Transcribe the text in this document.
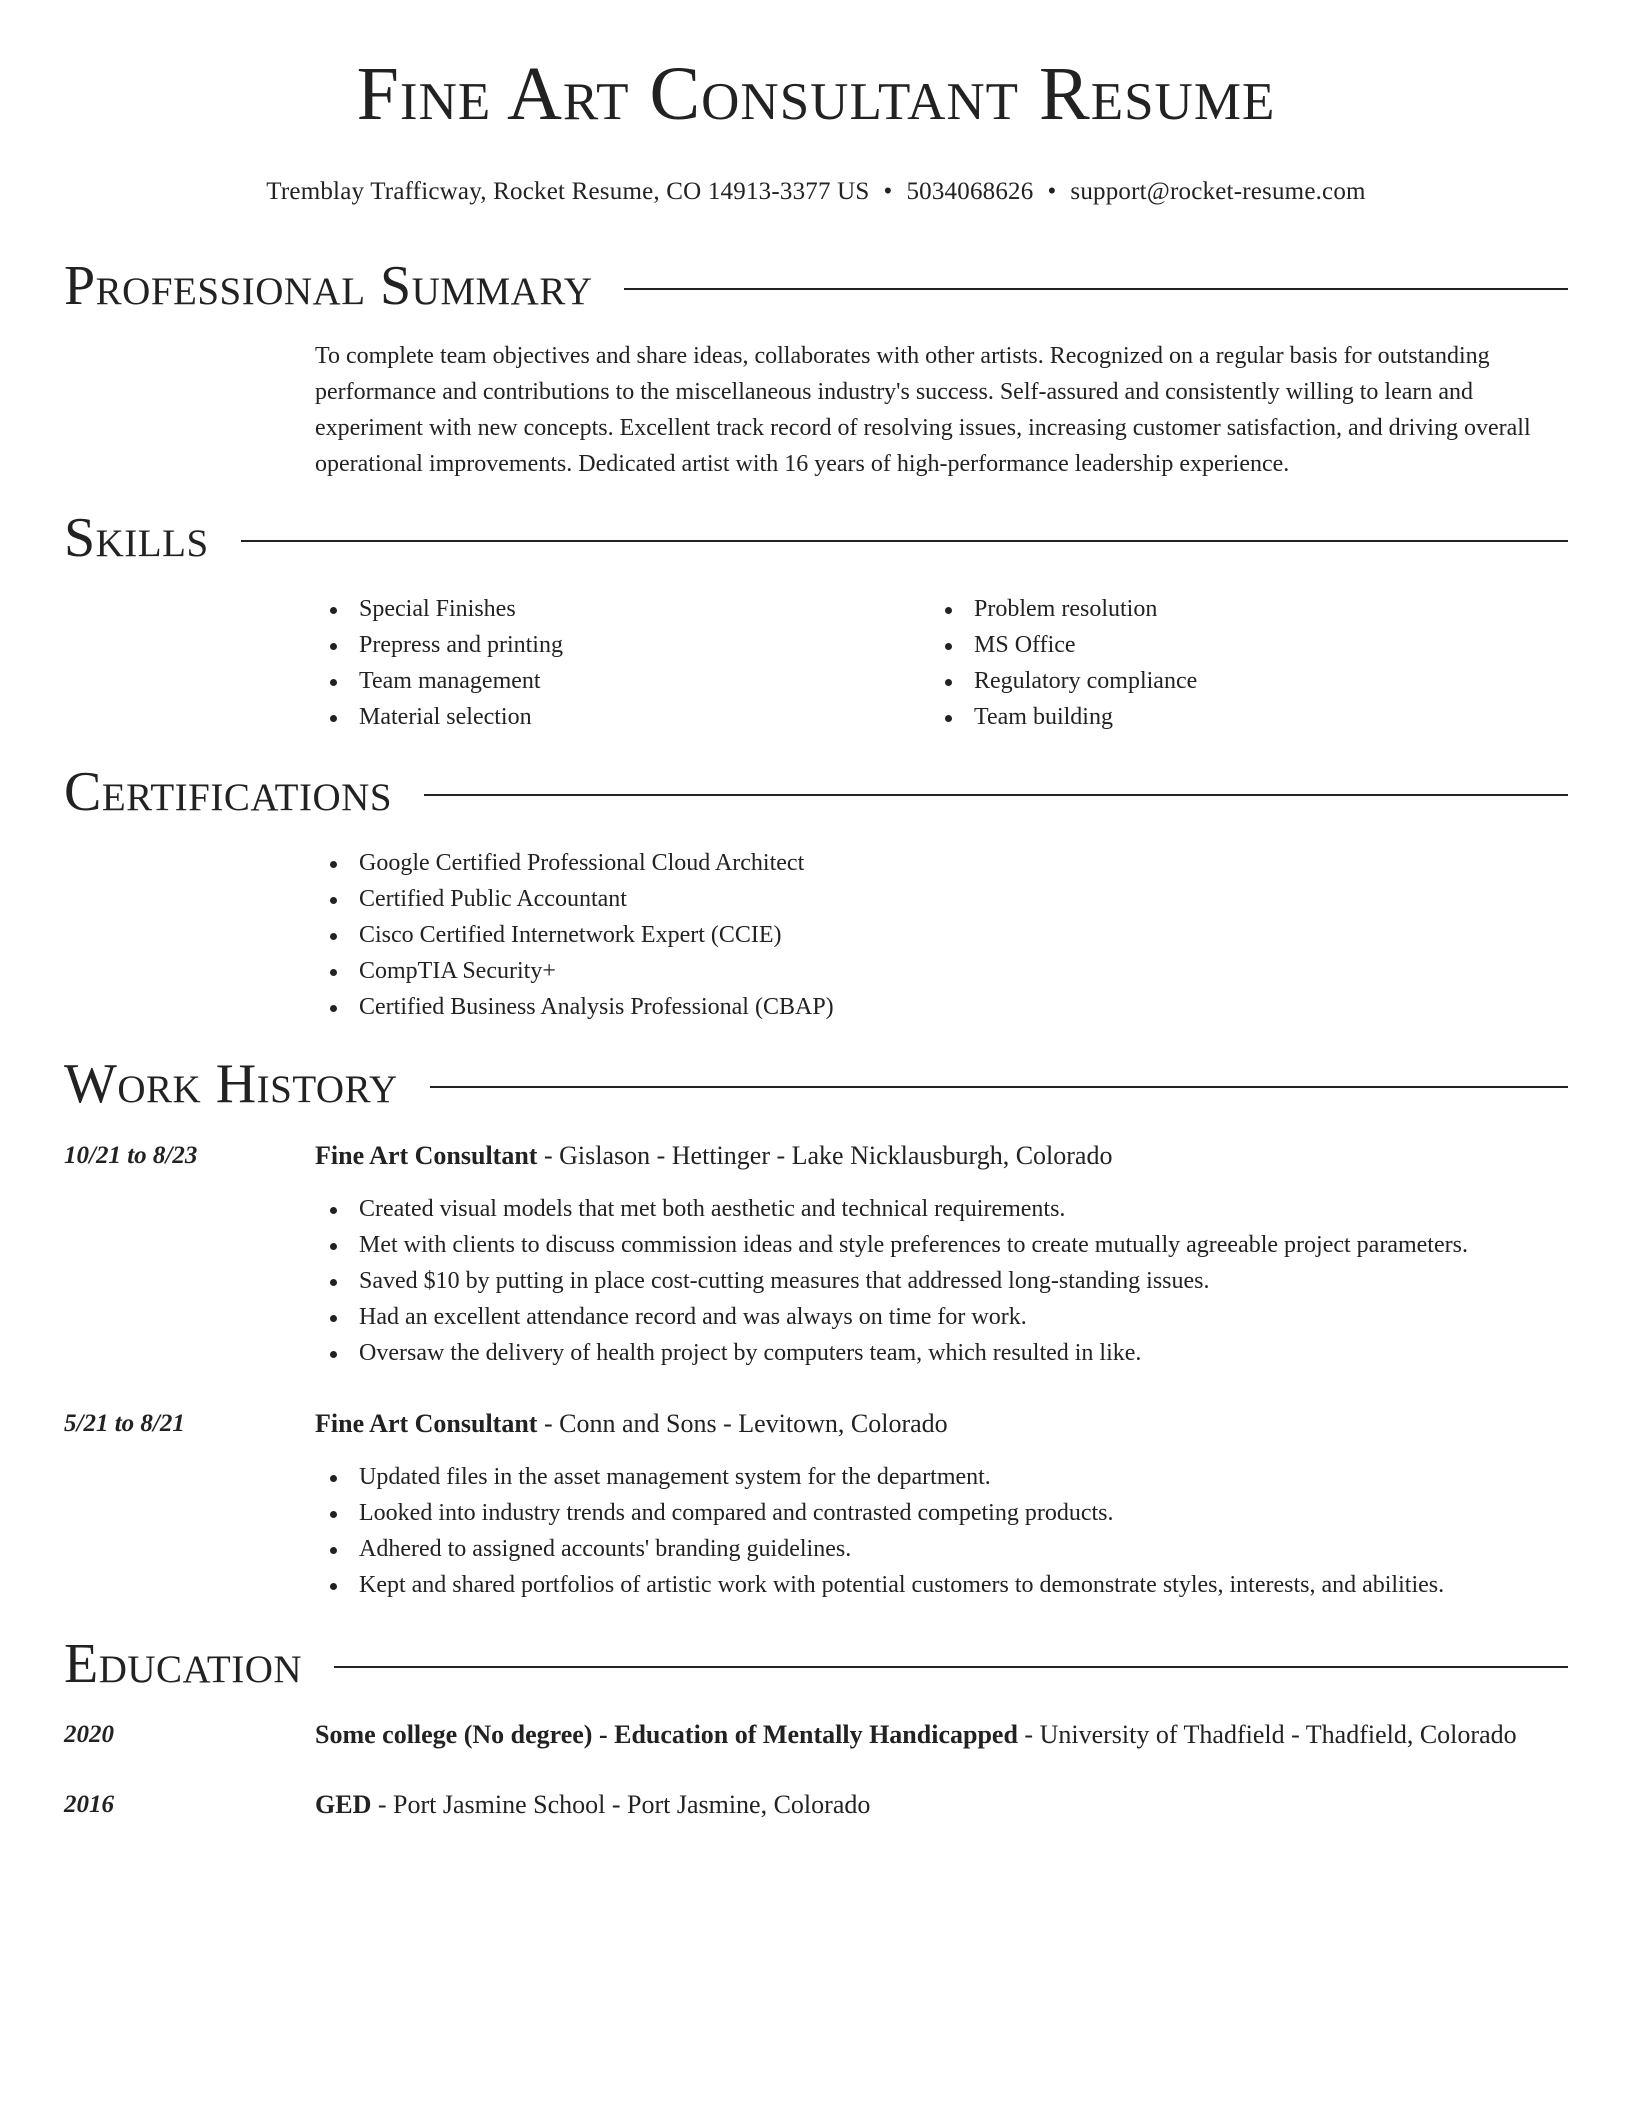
Fine Art Consultant Resume
Tremblay Trafficway, Rocket Resume, CO 14913-3377 US • 5034068626 • support@rocket-resume.com
Professional Summary

To complete team objectives and share ideas, collaborates with other artists. Recognized on a regular basis for outstanding performance and contributions to the miscellaneous industry's success. Self-assured and consistently willing to learn and experiment with new concepts. Excellent track record of resolving issues, increasing customer satisfaction, and driving overall operational improvements. Dedicated artist with 16 years of high-performance leadership experience.

Skills
Special Finishes
Prepress and printing
Team management
Material selection
Problem resolution
MS Office
Regulatory compliance
Team building
Certifications
Google Certified Professional Cloud Architect
Certified Public Accountant
Cisco Certified Internetwork Expert (CCIE)
CompTIA Security+
Certified Business Analysis Professional (CBAP)
Work History
10/21 to 8/23	Fine Art Consultant - Gislason - Hettinger - Lake Nicklausburgh, Colorado
Created visual models that met both aesthetic and technical requirements.
Met with clients to discuss commission ideas and style preferences to create mutually agreeable project parameters.
Saved $10 by putting in place cost-cutting measures that addressed long-standing issues.
Had an excellent attendance record and was always on time for work.
Oversaw the delivery of health project by computers team, which resulted in like.
5/21 to 8/21	Fine Art Consultant - Conn and Sons - Levitown, Colorado
Updated files in the asset management system for the department.
Looked into industry trends and compared and contrasted competing products.
Adhered to assigned accounts' branding guidelines.
Kept and shared portfolios of artistic work with potential customers to demonstrate styles, interests, and abilities.
Education
2020	Some college (No degree) - Education of Mentally Handicapped - University of Thadfield - Thadfield, Colorado
2016	GED - Port Jasmine School - Port Jasmine, Colorado
